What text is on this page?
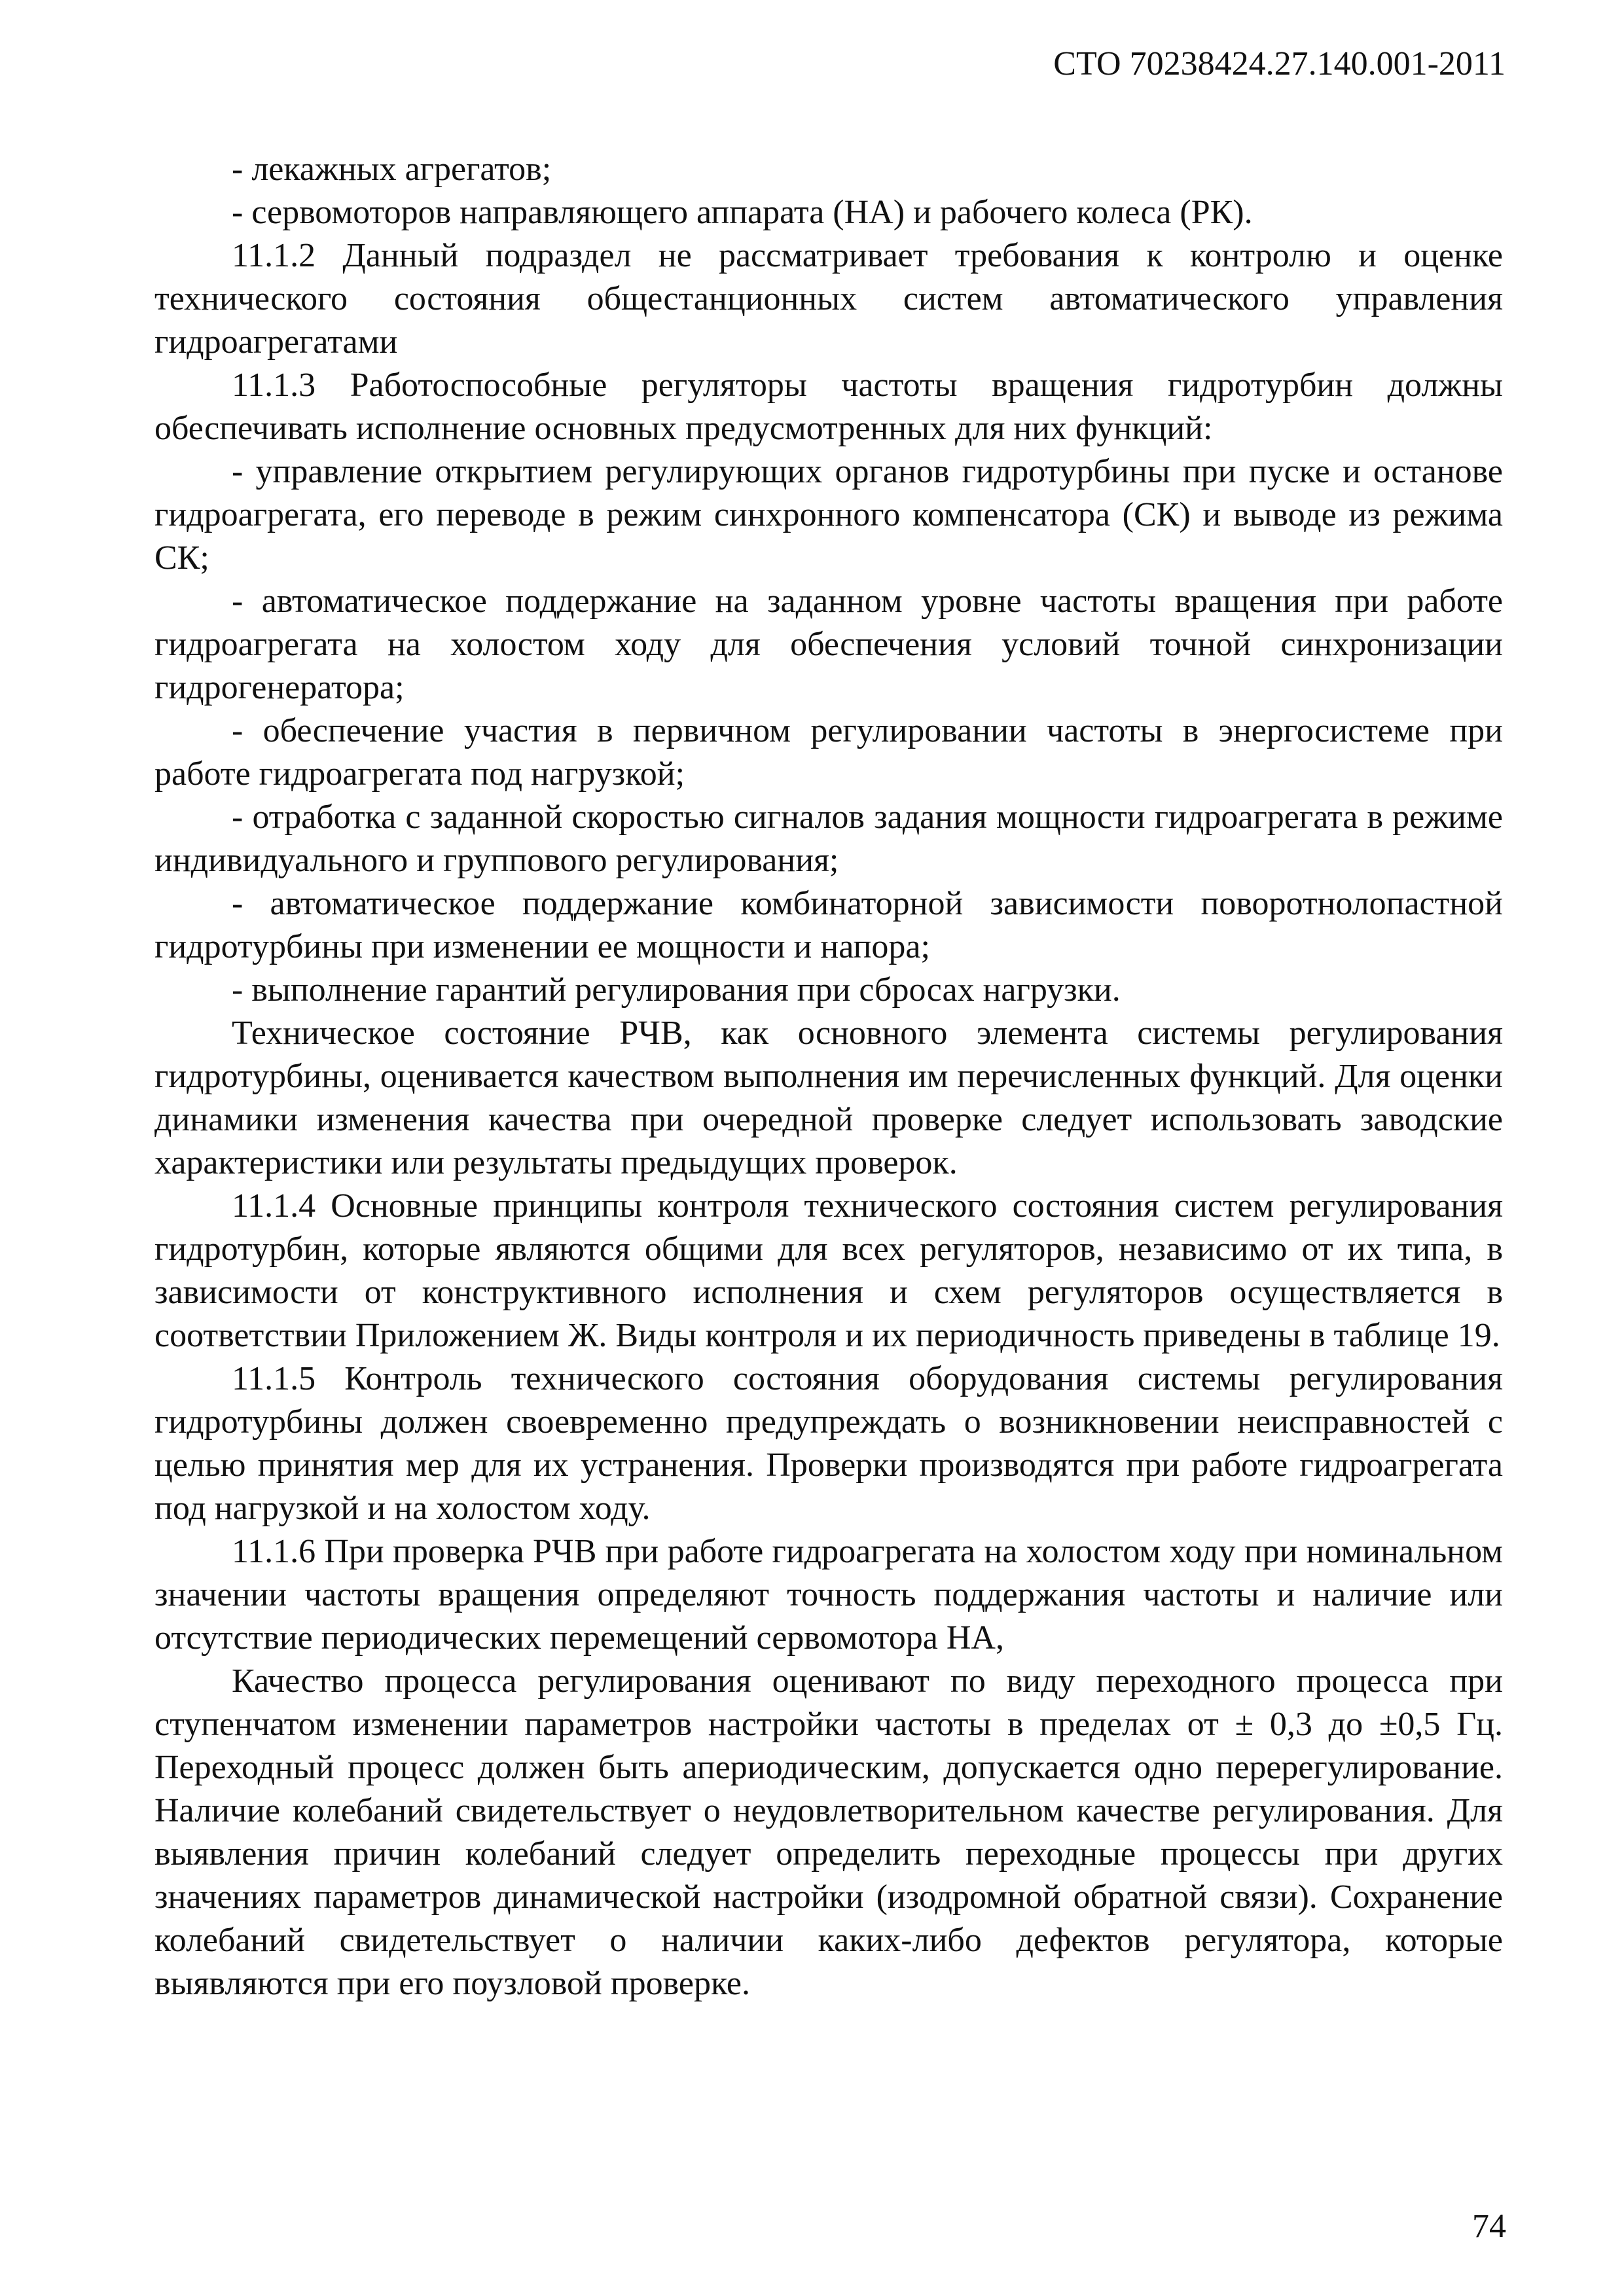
СТО 70238424.27.140.001-2011

- лекажных агрегатов;

- сервомоторов направляющего аппарата (НА) и рабочего колеса (РК).

11.1.2 Данный подраздел не рассматривает требования к контролю и оценке технического состояния общестанционных систем автоматического управления гидроагрегатами

11.1.3 Работоспособные регуляторы частоты вращения гидротурбин должны обеспечивать исполнение основных предусмотренных для них функций:

- управление открытием регулирующих органов гидротурбины при пуске и останове гидроагрегата, его переводе в режим синхронного компенсатора (СК) и выводе из режима СК;

- автоматическое поддержание на заданном уровне частоты вращения при работе гидроагрегата на холостом ходу для обеспечения условий точной синхронизации гидрогенератора;

- обеспечение участия в первичном регулировании частоты в энергосистеме при работе гидроагрегата под нагрузкой;

- отработка с заданной скоростью сигналов задания мощности гидроагрегата в режиме индивидуального и группового регулирования;

- автоматическое поддержание комбинаторной зависимости поворотнолопастной гидротурбины при изменении ее мощности и напора;

- выполнение гарантий регулирования при сбросах нагрузки.

Техническое состояние РЧВ, как основного элемента системы регулирования гидротурбины, оценивается качеством выполнения им перечисленных функций. Для оценки динамики изменения качества при очередной проверке следует использовать заводские характеристики или результаты предыдущих проверок.

11.1.4 Основные принципы контроля технического состояния систем регулирования гидротурбин, которые являются общими для всех регуляторов, независимо от их типа, в зависимости от конструктивного исполнения и схем регуляторов осуществляется в соответствии Приложением Ж. Виды контроля и их периодичность приведены в таблице 19.

11.1.5 Контроль технического состояния оборудования системы регулирования гидротурбины должен своевременно предупреждать о возникновении неисправностей с целью принятия мер для их устранения. Проверки производятся при работе гидроагрегата под нагрузкой и на холостом ходу.

11.1.6 При проверка РЧВ при работе гидроагрегата на холостом ходу при номинальном значении частоты вращения определяют точность поддержания частоты и наличие или отсутствие периодических перемещений сервомотора НА,

Качество процесса регулирования оценивают по виду переходного процесса при ступенчатом изменении параметров настройки частоты в пределах от ± 0,3 до ±0,5 Гц. Переходный процесс должен быть апериодическим, допускается одно перерегулирование. Наличие колебаний свидетельствует о неудовлетворительном качестве регулирования. Для выявления причин колебаний следует определить переходные процессы при других значениях параметров динамической настройки (изодромной обратной связи). Сохранение колебаний свидетельствует о наличии каких-либо дефектов регулятора, которые выявляются при его поузловой проверке.

74
